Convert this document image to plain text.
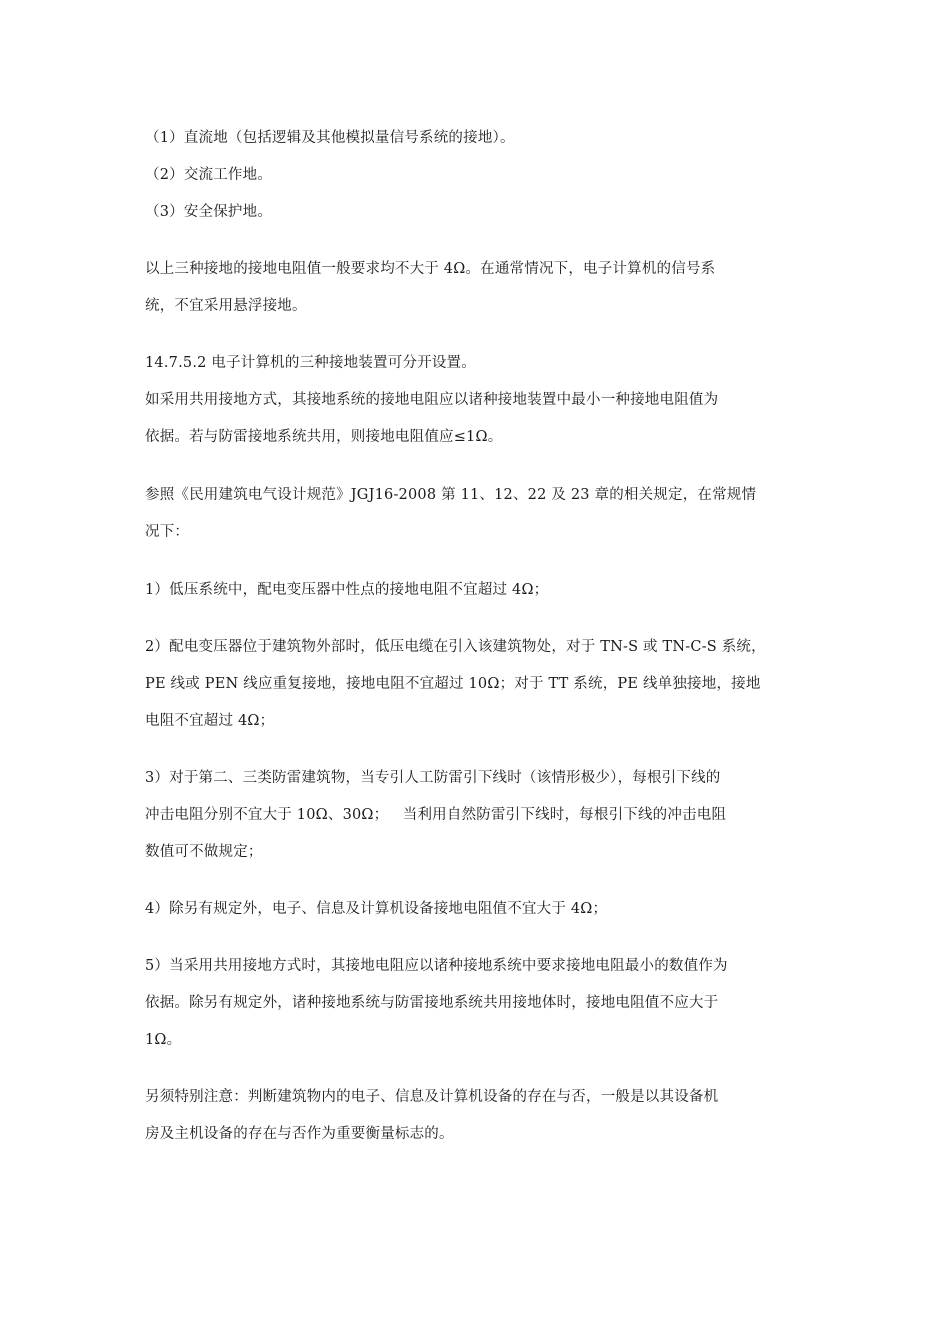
（1）直流地（包括逻辑及其他模拟量信号系统的接地）。
（2）交流工作地。
（3）安全保护地。
以上三种接地的接地电阻值一般要求均不大于 4Ω。在通常情况下，电子计算机的信号系
统，不宜采用悬浮接地。
14.7.5.2 电子计算机的三种接地装置可分开设置。
如采用共用接地方式，其接地系统的接地电阻应以诸种接地装置中最小一种接地电阻值为
依据。若与防雷接地系统共用，则接地电阻值应≤1Ω。
参照《民用建筑电气设计规范》JGJ16-2008 第 11、12、22 及 23 章的相关规定，在常规情
况下：
1）低压系统中，配电变压器中性点的接地电阻不宜超过 4Ω；
2）配电变压器位于建筑物外部时，低压电缆在引入该建筑物处，对于 TN-S 或 TN-C-S 系统，
PE 线或 PEN 线应重复接地，接地电阻不宜超过 10Ω；对于 TT 系统，PE 线单独接地，接地
电阻不宜超过 4Ω；
3）对于第二、三类防雷建筑物，当专引人工防雷引下线时（该情形极少），每根引下线的
冲击电阻分别不宜大于 10Ω、30Ω；   当利用自然防雷引下线时，每根引下线的冲击电阻
数值可不做规定；
4）除另有规定外，电子、信息及计算机设备接地电阻值不宜大于 4Ω；
5）当采用共用接地方式时，其接地电阻应以诸种接地系统中要求接地电阻最小的数值作为
依据。除另有规定外，诸种接地系统与防雷接地系统共用接地体时，接地电阻值不应大于
1Ω。
另须特别注意：判断建筑物内的电子、信息及计算机设备的存在与否，一般是以其设备机
房及主机设备的存在与否作为重要衡量标志的。
